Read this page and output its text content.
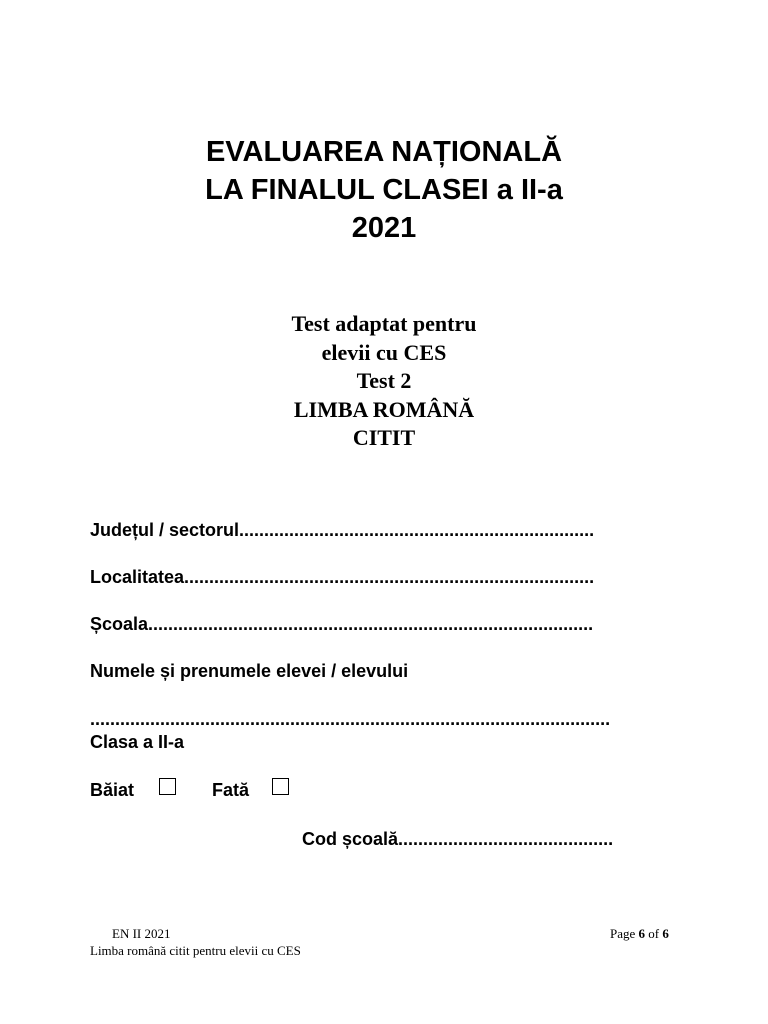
EVALUAREA NAȚIONALĂ
LA FINALUL CLASEI a II-a
2021
Test adaptat pentru
elevii cu CES
Test 2
LIMBA ROMÂNĂ
CITIT
Județul / sectorul.......................................................................
Localitatea..................................................................................
Școala.........................................................................................
Numele și prenumele elevei / elevului
........................................................................................................
Clasa a II-a
Băiat	Fată
Cod școală...........................................
EN II 2021
Limba română citit pentru elevii cu CES
Page 6 of 6
